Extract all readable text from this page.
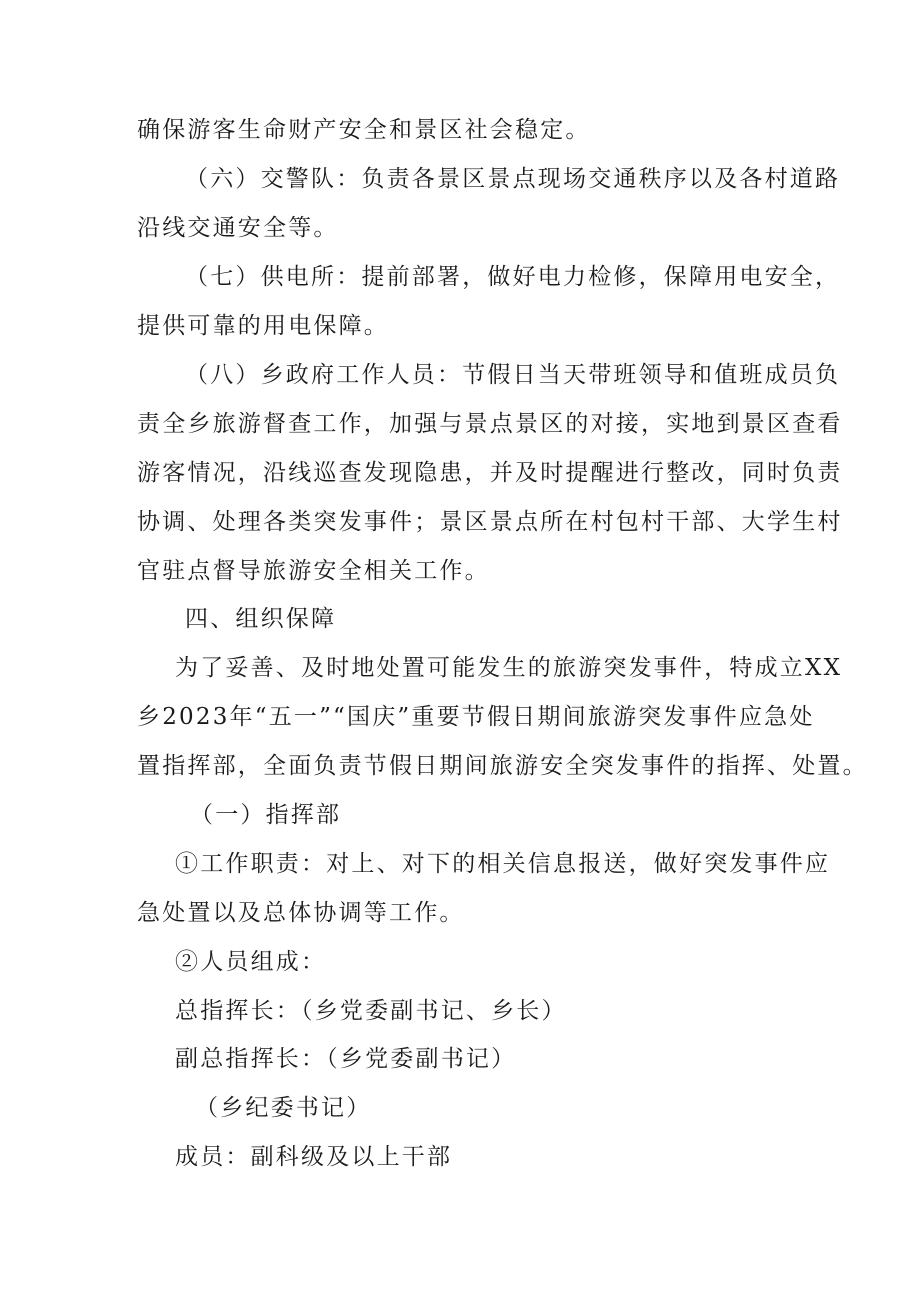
确保游客生命财产安全和景区社会稳定。
（六）交警队：负责各景区景点现场交通秩序以及各村道路
沿线交通安全等。
（七）供电所：提前部署，做好电力检修，保障用电安全，
提供可靠的用电保障。
（八）乡政府工作人员：节假日当天带班领导和值班成员负
责全乡旅游督查工作，加强与景点景区的对接，实地到景区查看
游客情况，沿线巡查发现隐患，并及时提醒进行整改，同时负责
协调、处理各类突发事件；景区景点所在村包村干部、大学生村
官驻点督导旅游安全相关工作。
四、组织保障
为了妥善、及时地处置可能发生的旅游突发事件，特成立XX
乡2023年“五一”“国庆”重要节假日期间旅游突发事件应急处
置指挥部，全面负责节假日期间旅游安全突发事件的指挥、处置。
（一）指挥部
①工作职责：对上、对下的相关信息报送，做好突发事件应
急处置以及总体协调等工作。
②人员组成：
总指挥长：（乡党委副书记、乡长）
副总指挥长：（乡党委副书记）
（乡纪委书记）
成员：副科级及以上干部
